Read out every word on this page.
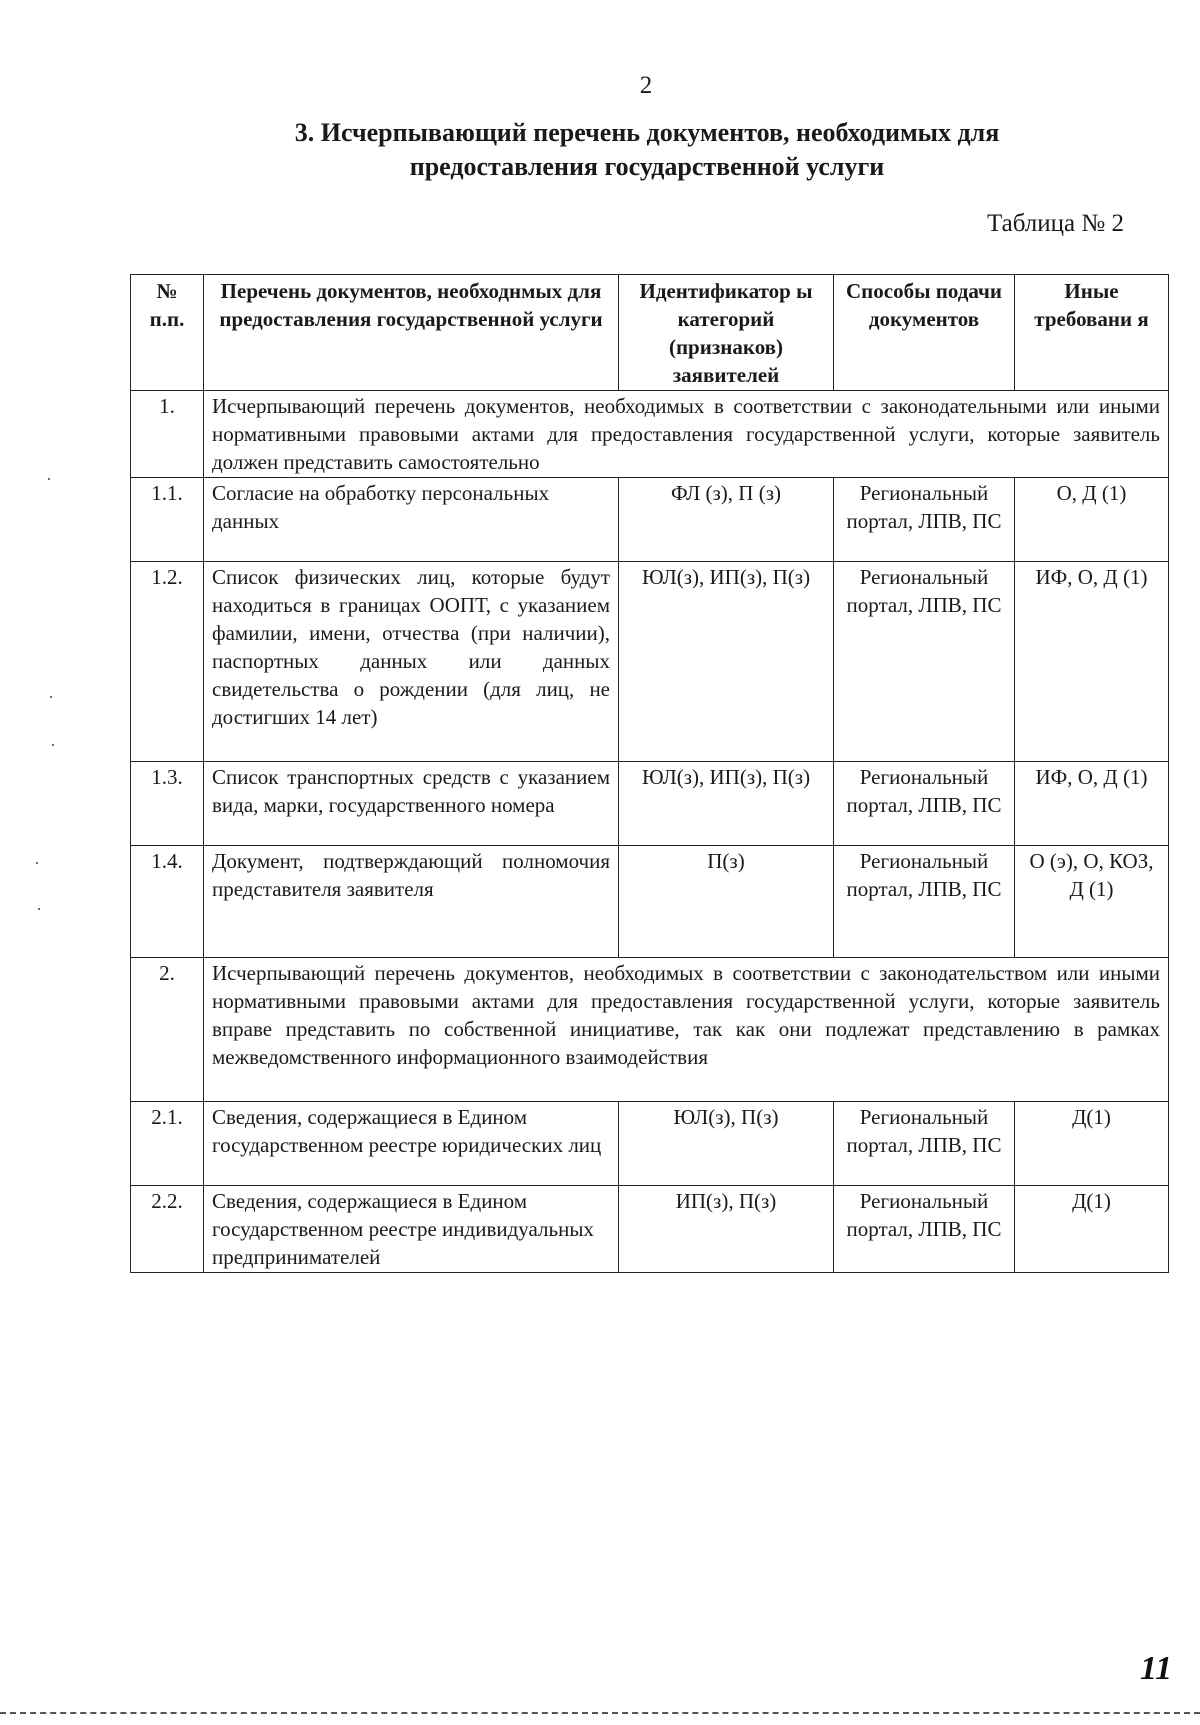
2
3. Исчерпывающий перечень документов, необходимых для предоставления государственной услуги
Таблица № 2
№ п.п.	Перечень документов, необходнмых для предоставления государственной услуги	Идентификатор ы категорий (признаков) заявителей	Способы подачи документов	Иные требовани я
1.	Исчерпывающий перечень документов, необходимых в соответствии с законодательными или иными нормативными правовыми актами для предоставления государственной услуги, которые заявитель должен представить самостоятельно			
1.1.	Согласие на обработку персональных данных	ФЛ (з), П (з)	Региональный портал, ЛПВ, ПС	О, Д (1)
1.2.	Список физических лиц, которые будут находиться в границах ООПТ, с указанием фамилии, имени, отчества (при наличии), паспортных данных или данных свидетельства о рождении (для лиц, не достигших 14 лет)	ЮЛ(з), ИП(з), П(з)	Региональный портал, ЛПВ, ПС	ИФ, О, Д (1)
1.3.	Список транспортных средств с указанием вида, марки, государственного номера	ЮЛ(з), ИП(з), П(з)	Региональный портал, ЛПВ, ПС	ИФ, О, Д (1)
1.4.	Документ, подтверждающий полномочия представителя заявителя	П(з)	Региональный портал, ЛПВ, ПС	О (э), О, КОЗ, Д (1)
2.	Исчерпывающий перечень документов, необходимых в соответствии с законодательством или иными нормативными правовыми актами для предоставления государственной услуги, которые заявитель вправе представить по собственной инициативе, так как они подлежат представлению в рамках межведомственного информационного взаимодействия			
2.1.	Сведения, содержащиеся в Едином государственном реестре юридических лиц	ЮЛ(з), П(з)	Региональный портал, ЛПВ, ПС	Д(1)
2.2.	Сведения, содержащиеся в Едином государственном реестре индивидуальных предпринимателей	ИП(з), П(з)	Региональный портал, ЛПВ, ПС	Д(1)
11
